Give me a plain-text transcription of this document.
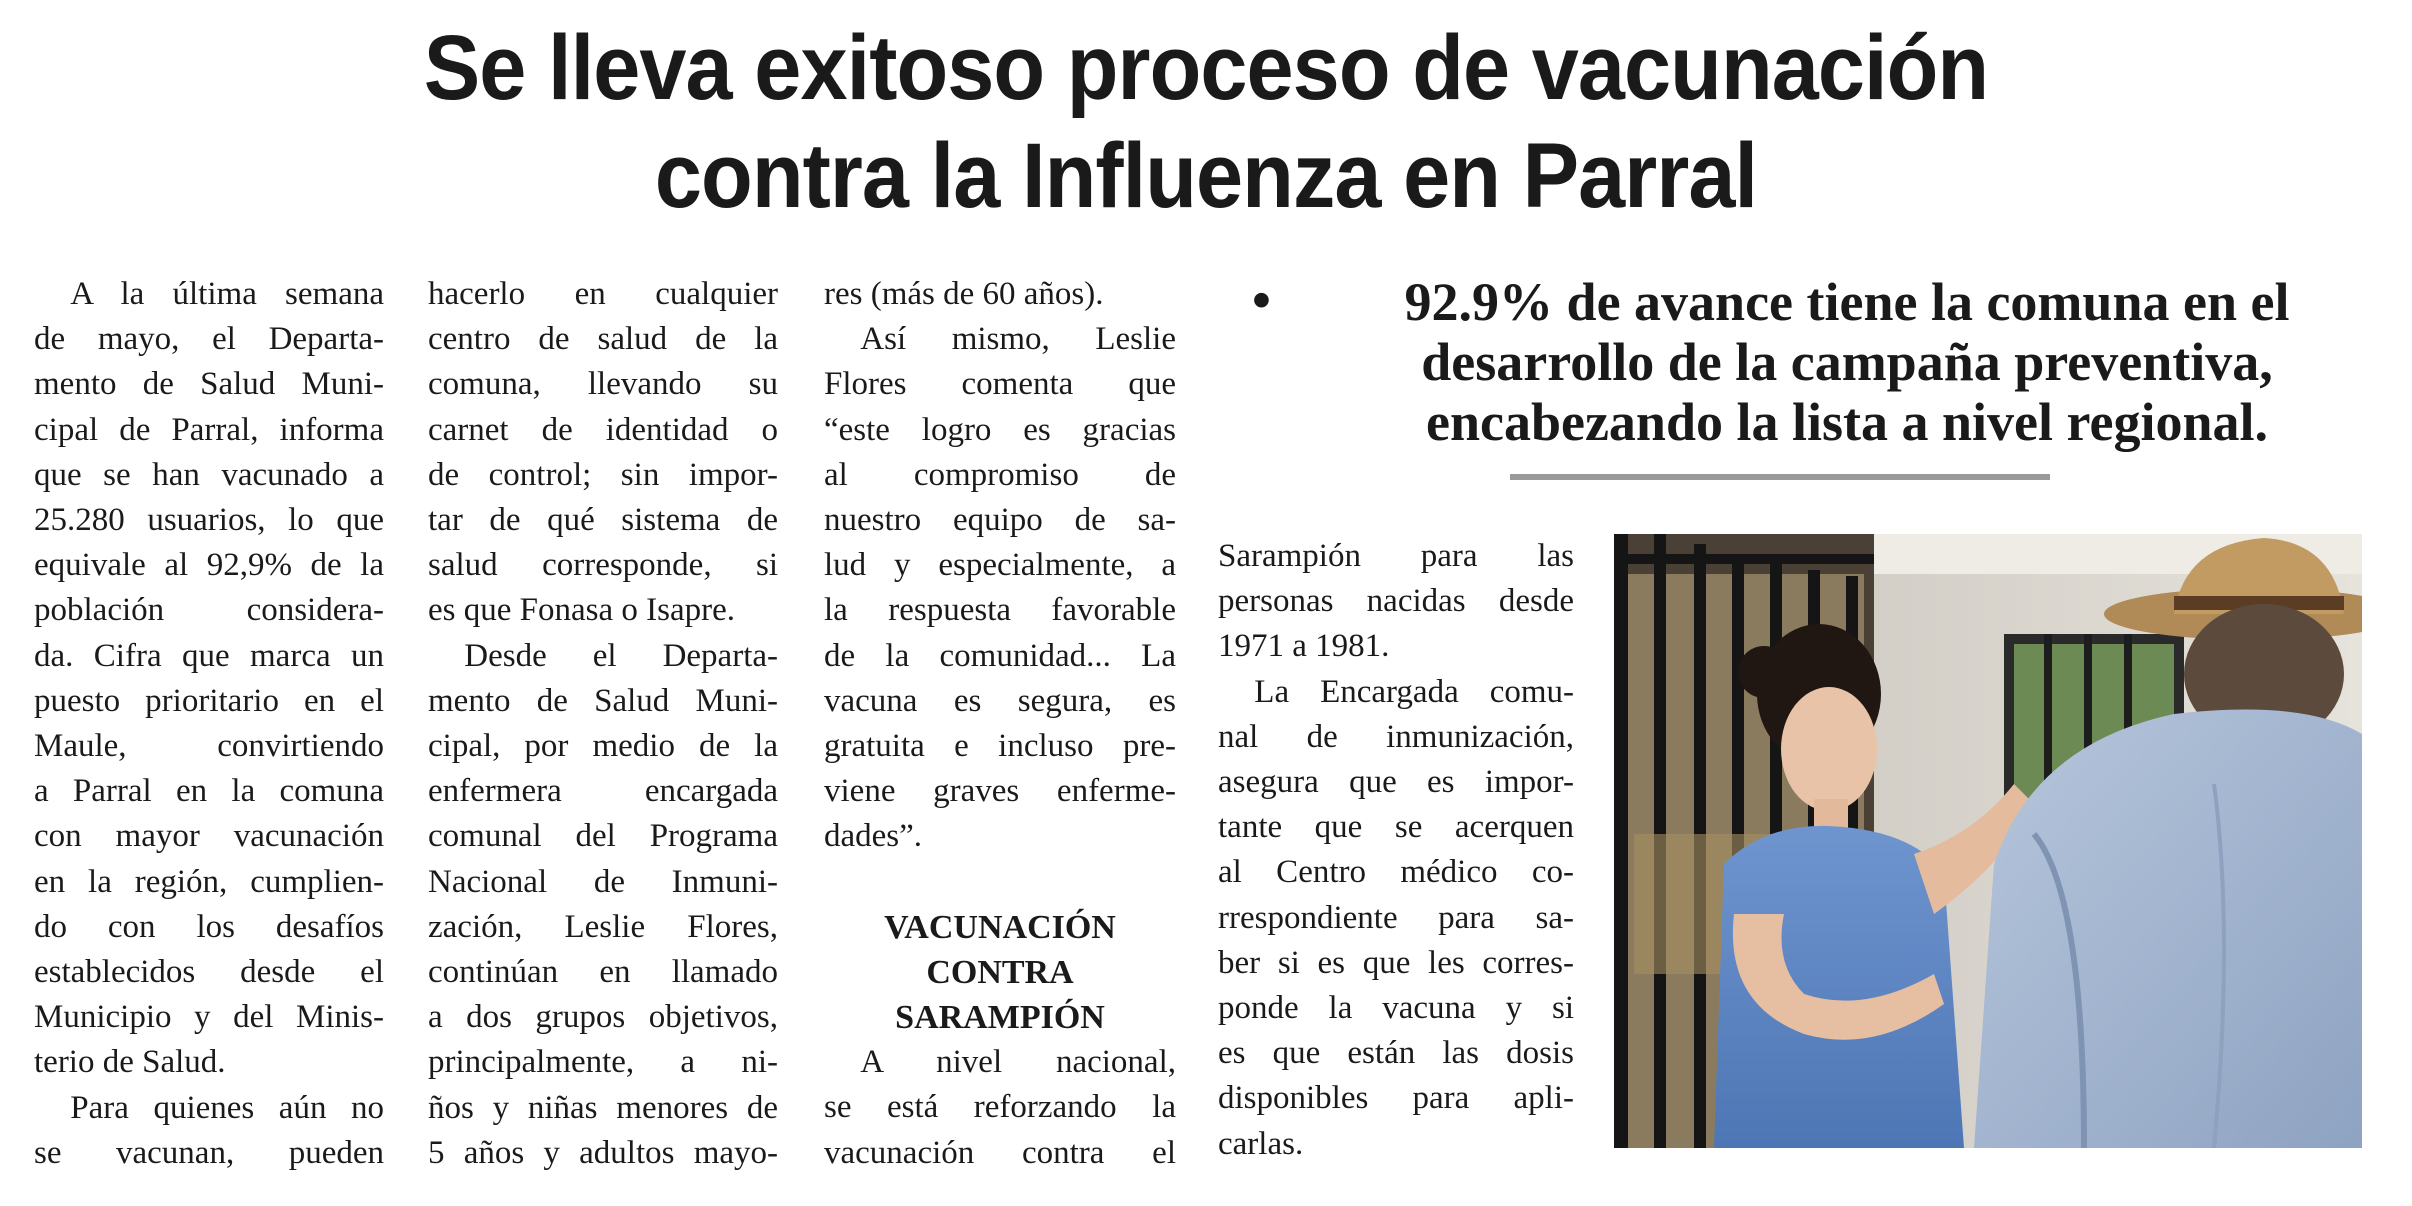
Se lleva exitoso proceso de vacunación
contra la Influenza en Parral

A la última semana

de mayo, el Departa-

mento de Salud Muni-

cipal de Parral, informa

que se han vacunado a

25.280 usuarios, lo que

equivale al 92,9% de la

población considera-

da. Cifra que marca un

puesto prioritario en el

Maule, convirtiendo

a Parral en la comuna

con mayor vacunación

en la región, cumplien-

do con los desafíos

establecidos desde el

Municipio y del Minis-

terio de Salud.

Para quienes aún no

se vacunan, pueden

hacerlo en cualquier

centro de salud de la

comuna, llevando su

carnet de identidad o

de control; sin impor-

tar de qué sistema de

salud corresponde, si

es que Fonasa o Isapre.

Desde el Departa-

mento de Salud Muni-

cipal, por medio de la

enfermera encargada

comunal del Programa

Nacional de Inmuni-

zación, Leslie Flores,

continúan en llamado

a dos grupos objetivos,

principalmente, a ni-

ños y niñas menores de

5 años y adultos mayo-

res (más de 60 años).

Así mismo, Leslie

Flores comenta que

“este logro es gracias

al compromiso de

nuestro equipo de sa-

lud y especialmente, a

la respuesta favorable

de la comunidad... La

vacuna es segura, es

gratuita e incluso pre-

viene graves enfermе-

dades”.

VACUNACIÓN

CONTRA

SARAMPIÓN

A nivel nacional,

se está reforzando la

vacunación contra el

•	92.9% de avance tiene la comuna en el
desarrollo de la campaña preventiva,
encabezando la lista a nivel regional.

Sarampión para las

personas nacidas desde

1971 a 1981.

La Encargada comu-

nal de inmunización,

asegura que es impor-

tante que se acerquen

al Centro médico co-

rrespondiente para sa-

ber si es que les corres-

ponde la vacuna y si

es que están las dosis

disponibles para apli-

carlas.
